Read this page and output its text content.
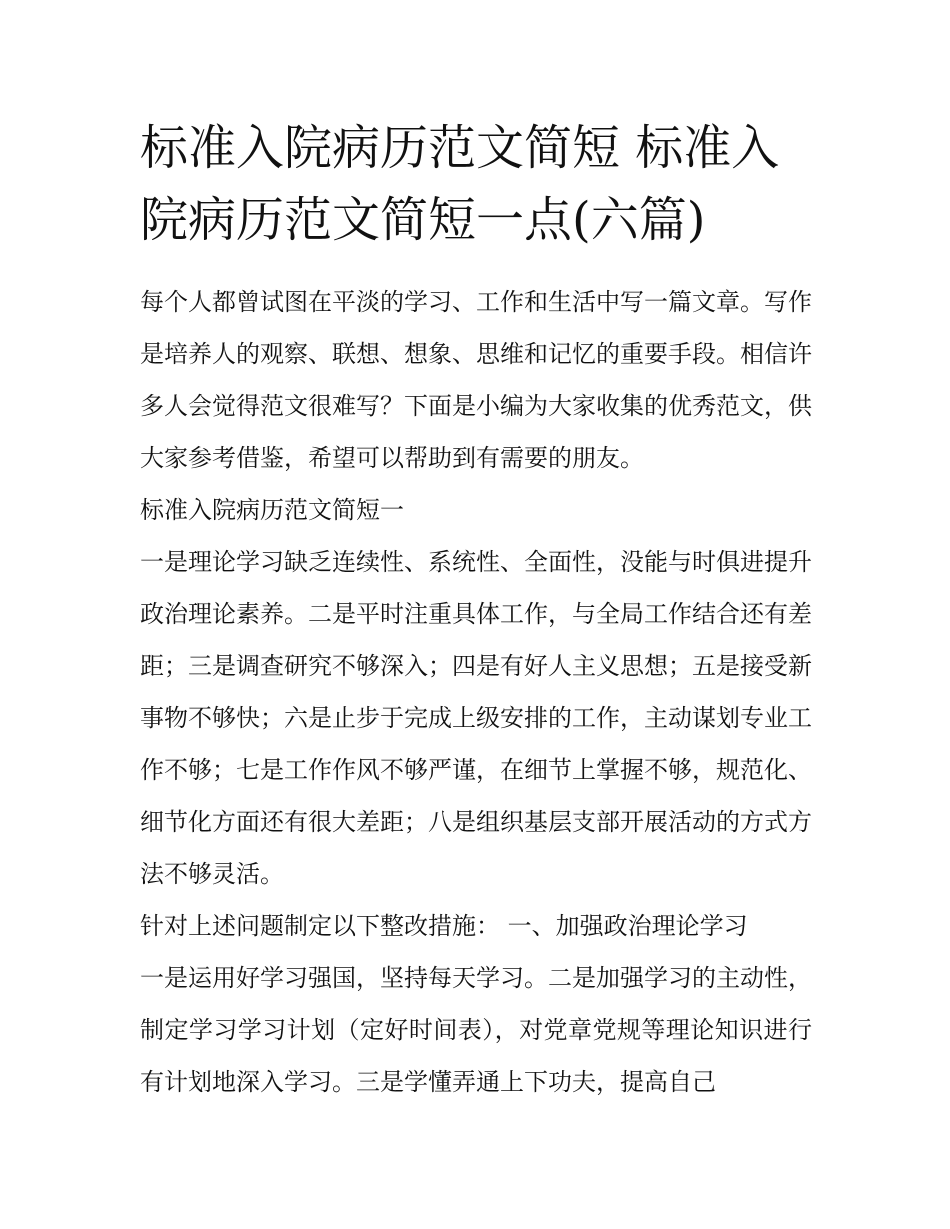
标准入院病历范文简短 标准入院病历范文简短一点(六篇)

每个人都曾试图在平淡的学习、工作和生活中写一篇文章。写作是培养人的观察、联想、想象、思维和记忆的重要手段。相信许多人会觉得范文很难写？下面是小编为大家收集的优秀范文，供大家参考借鉴，希望可以帮助到有需要的朋友。

标准入院病历范文简短一

一是理论学习缺乏连续性、系统性、全面性，没能与时俱进提升政治理论素养。二是平时注重具体工作，与全局工作结合还有差距；三是调查研究不够深入；四是有好人主义思想；五是接受新事物不够快；六是止步于完成上级安排的工作，主动谋划专业工作不够；七是工作作风不够严谨，在细节上掌握不够，规范化、细节化方面还有很大差距；八是组织基层支部开展活动的方式方法不够灵活。

针对上述问题制定以下整改措施： 一、加强政治理论学习

一是运用好学习强国，坚持每天学习。二是加强学习的主动性，制定学习学习计划（定好时间表），对党章党规等理论知识进行有计划地深入学习。三是学懂弄通上下功夫，提高自己
